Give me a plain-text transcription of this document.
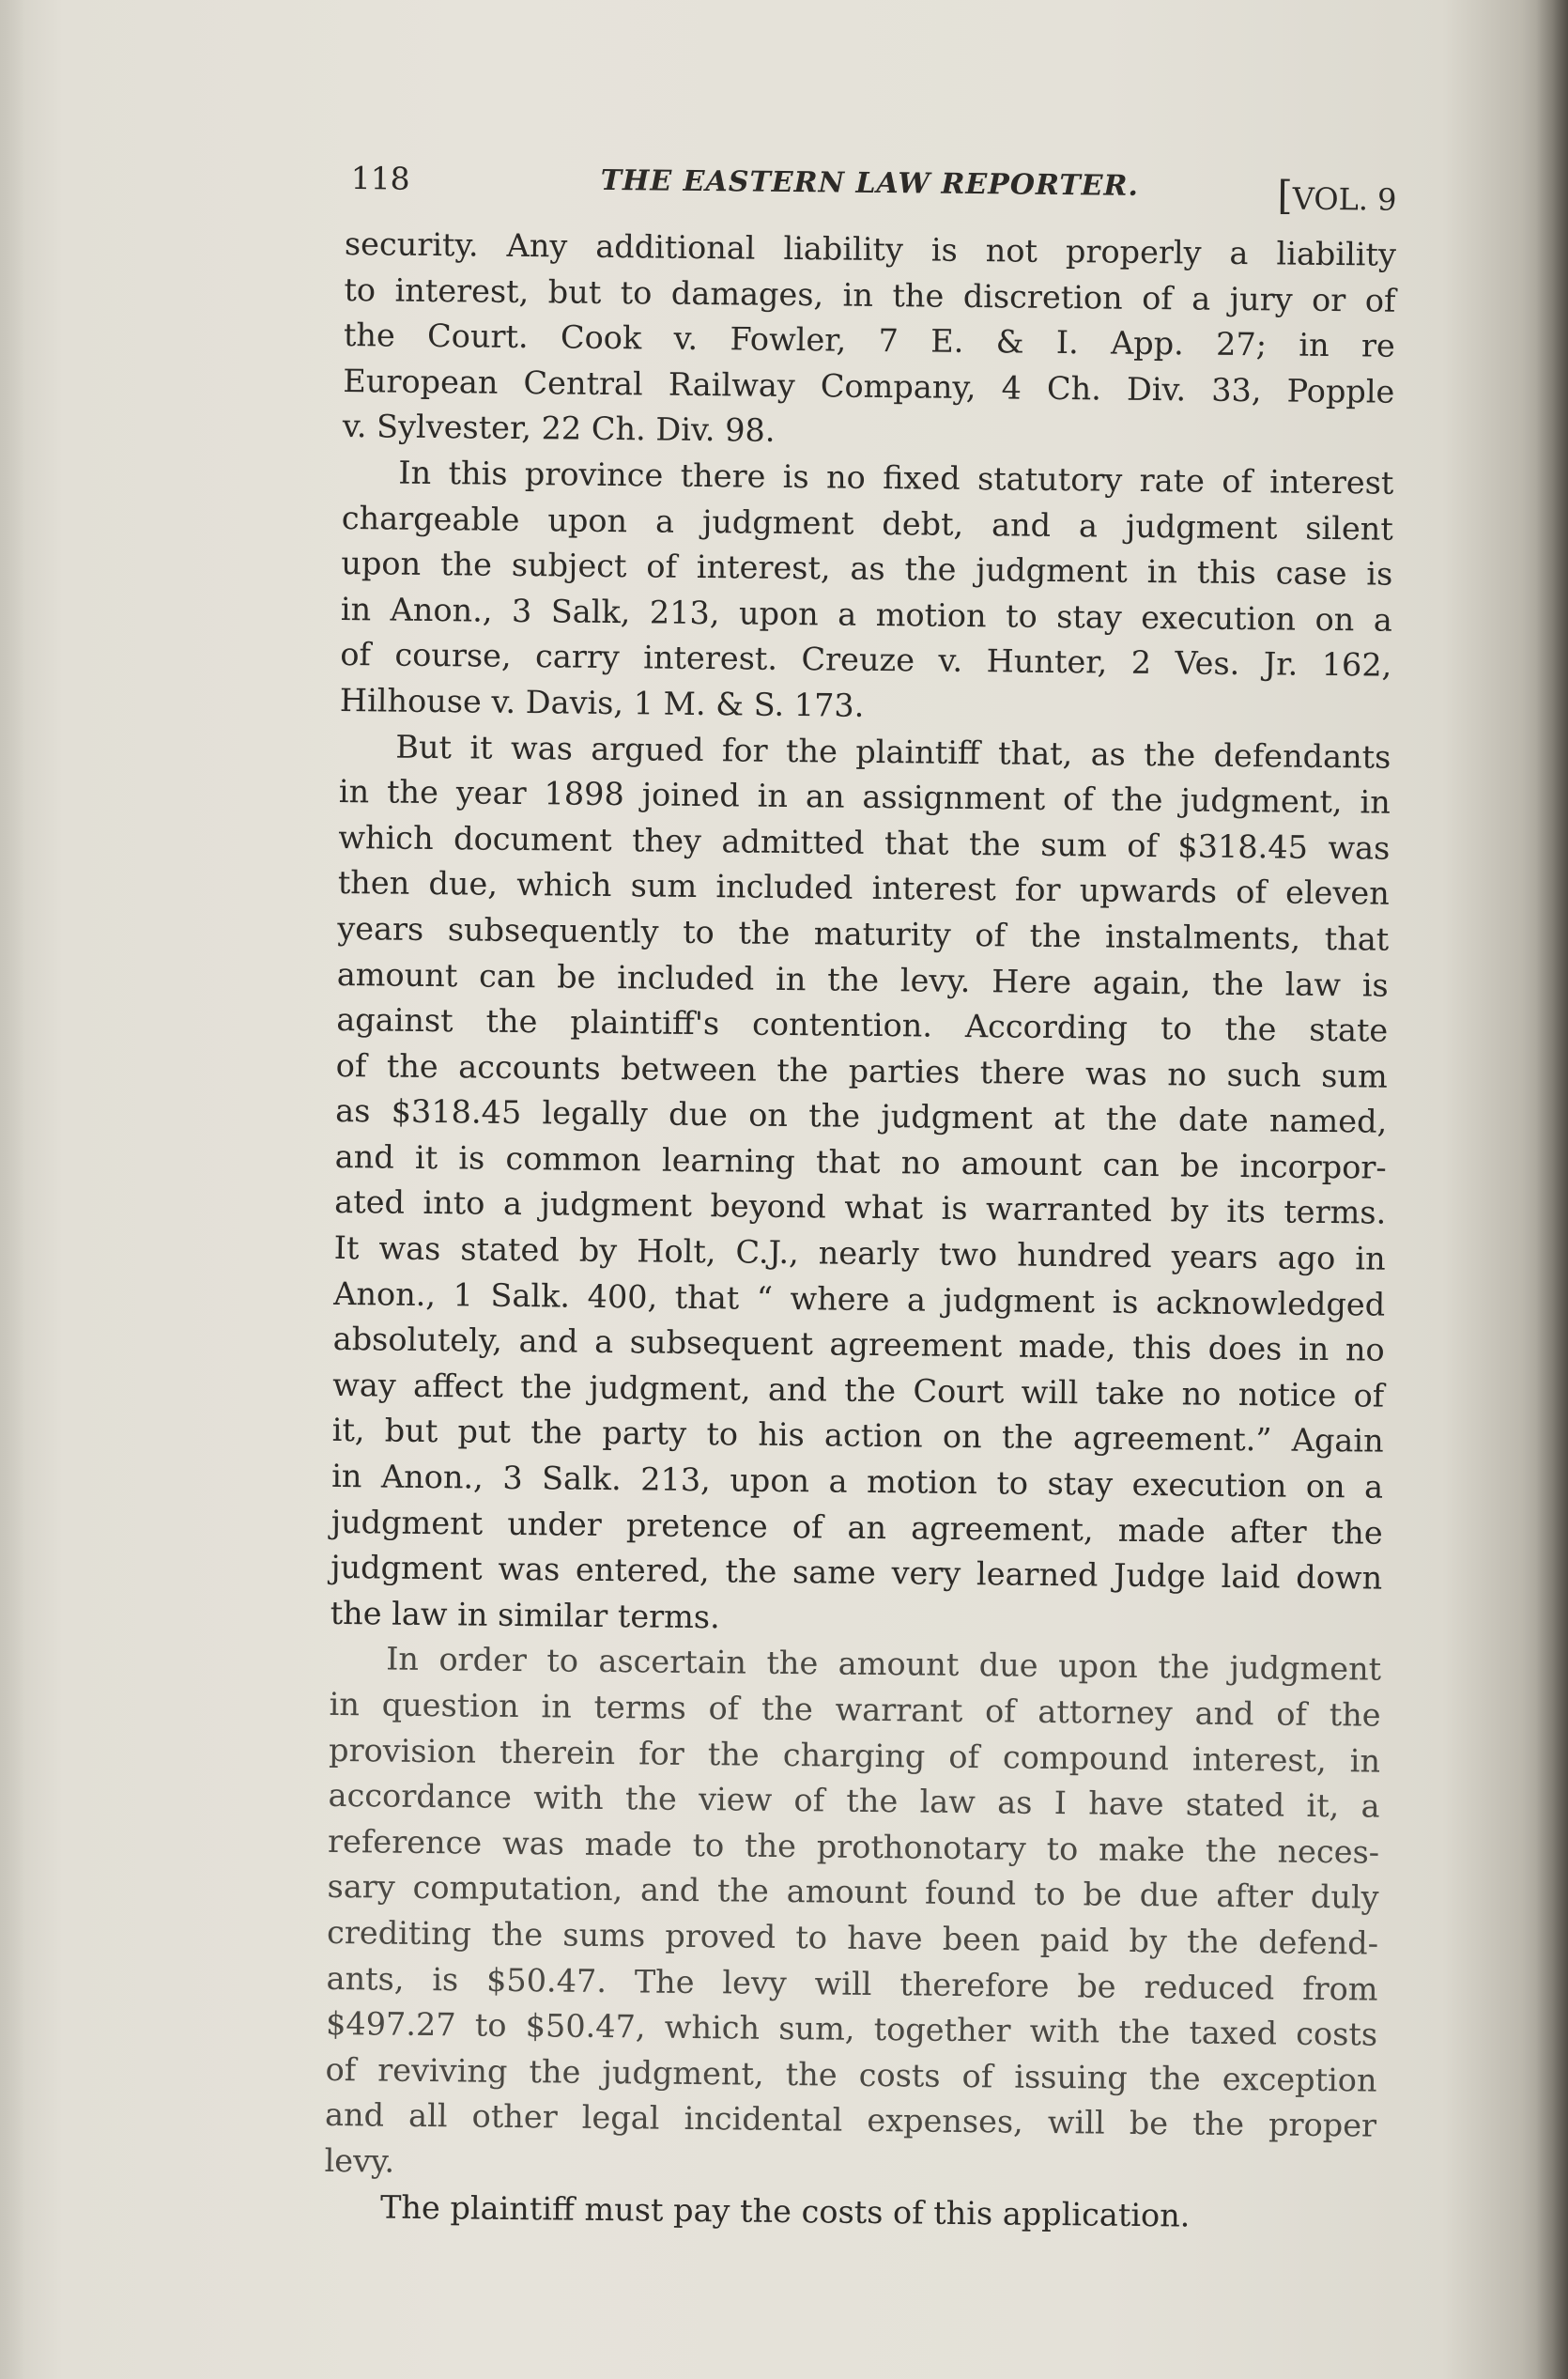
118	THE EASTERN LAW REPORTER.	[VOL. 9
security. Any additional liability is not properly a liability
to interest, but to damages, in the discretion of a jury or of
the Court. Cook v. Fowler, 7 E. & I. App. 27; in re
European Central Railway Company, 4 Ch. Div. 33, Popple
v. Sylvester, 22 Ch. Div. 98.
In this province there is no fixed statutory rate of interest
chargeable upon a judgment debt, and a judgment silent
upon the subject of interest, as the judgment in this case is
in Anon., 3 Salk, 213, upon a motion to stay execution on a
of course, carry interest. Creuze v. Hunter, 2 Ves. Jr. 162,
Hilhouse v. Davis, 1 M. & S. 173.
But it was argued for the plaintiff that, as the defendants
in the year 1898 joined in an assignment of the judgment, in
which document they admitted that the sum of $318.45 was
then due, which sum included interest for upwards of eleven
years subsequently to the maturity of the instalments, that
amount can be included in the levy. Here again, the law is
against the plaintiff's contention. According to the state
of the accounts between the parties there was no such sum
as $318.45 legally due on the judgment at the date named,
and it is common learning that no amount can be incorpor-
ated into a judgment beyond what is warranted by its terms.
It was stated by Holt, C.J., nearly two hundred years ago in
Anon., 1 Salk. 400, that “ where a judgment is acknowledged
absolutely, and a subsequent agreement made, this does in no
way affect the judgment, and the Court will take no notice of
it, but put the party to his action on the agreement.” Again
in Anon., 3 Salk. 213, upon a motion to stay execution on a
judgment under pretence of an agreement, made after the
judgment was entered, the same very learned Judge laid down
the law in similar terms.
In order to ascertain the amount due upon the judgment
in question in terms of the warrant of attorney and of the
provision therein for the charging of compound interest, in
accordance with the view of the law as I have stated it, a
reference was made to the prothonotary to make the neces-
sary computation, and the amount found to be due after duly
crediting the sums proved to have been paid by the defend-
ants, is $50.47. The levy will therefore be reduced from
$497.27 to $50.47, which sum, together with the taxed costs
of reviving the judgment, the costs of issuing the exception
and all other legal incidental expenses, will be the proper
levy.
The plaintiff must pay the costs of this application.
